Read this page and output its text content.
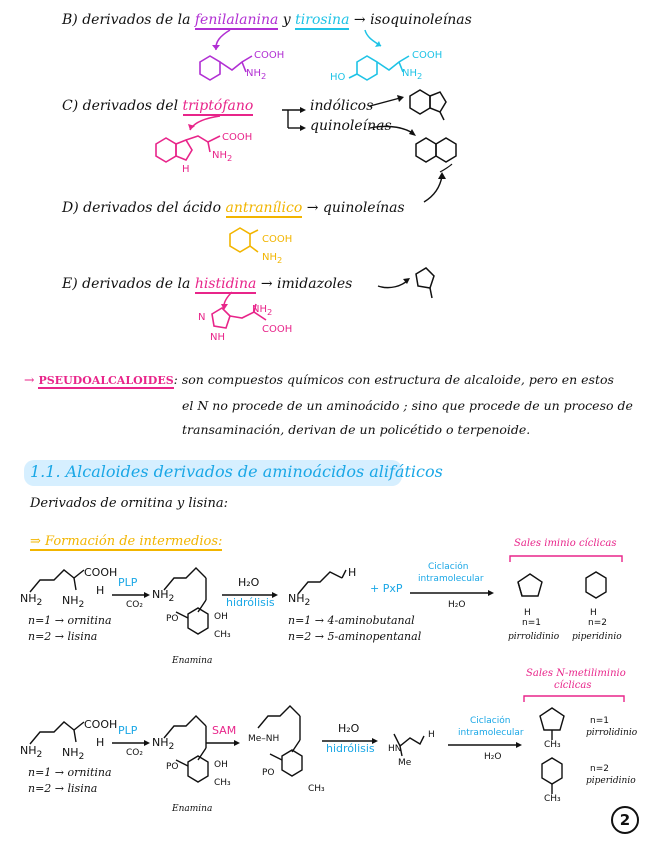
B) derivados de la fenilalanina y tirosina → isoquinoleínas
COOH
$NH_2$	HO
COOH
$NH_2$
C) derivados del triptófano	indólicos
quinoleínas
COOH
$NH_2$
H
D) derivados del ácido antranílico → quinoleínas
COOH
$NH_2$
E) derivados de la histidina → imidazoles
$NH_2$
COOH
N
NH
→ PSEUDOALCALOIDES: son compuestos químicos con estructura de alcaloide, pero en estos
el N no procede de un aminoácido ; sino que procede de un proceso de
transaminación, derivan de un policétido o terpenoide.
1.1. Alcaloides derivados de aminoácidos alifáticos
Derivados de ornitina y lisina:
⇒ Formación de intermedios:
COOH
$NH_2$ $NH_2$
H
PLP
CO₂
$NH_2$
PO	OH
CH₃
Enamina
H₂O
hidrólisis $NH_2$
H
+ PxP
Ciclación
intramolecular
H₂O
Sales iminio cíclicas
H
n=1
pirrolidinio
H
n=2
piperidinio
n=1 → ornitina
n=2 → lisina
n=1 → 4-aminobutanal
n=2 → 5-aminopentanal
COOH
$NH_2$ $NH_2$
H
PLP
CO₂
$NH_2$
PO	OH
CH₃
Enamina
SAM
Me–NH
PO
CH₃
H₂O
hidrólisis HN
Me
H
Ciclación
intramolecular
H₂O
Sales N-metiliminio
cíclicas
CH₃
n=1
pirrolidinio
CH₃
n=2
piperidinio
n=1 → ornitina
n=2 → lisina
2
